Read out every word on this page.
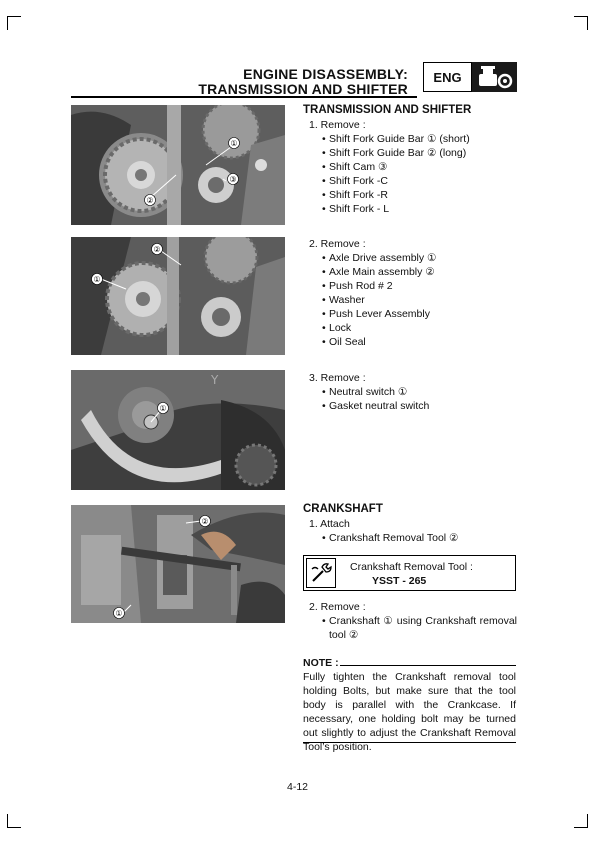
ENGINE DISASSEMBLY:
TRANSMISSION AND SHIFTER
ENG
①
②
③
①
②
Y
①
②
①
TRANSMISSION AND SHIFTER
1. Remove :
• Shift Fork Guide Bar ① (short)
• Shift Fork Guide Bar ② (long)
• Shift Cam ③
• Shift Fork -C
• Shift Fork -R
• Shift Fork - L
2. Remove :
• Axle Drive assembly ①
• Axle Main assembly ②
• Push Rod # 2
• Washer
• Push Lever Assembly
• Lock
• Oil Seal
3. Remove :
• Neutral switch ①
• Gasket neutral switch
CRANKSHAFT
1. Attach
• Crankshaft Removal Tool ②
Crankshaft Removal Tool :
YSST - 265
2. Remove :
• Crankshaft ① using Crankshaft removal tool ②
NOTE :
Fully tighten the Crankshaft removal tool holding Bolts, but make sure that the tool body is parallel with the Crankcase. If necessary, one holding bolt may be turned out slightly to adjust the Crankshaft Removal Tool’s position.
4-12
